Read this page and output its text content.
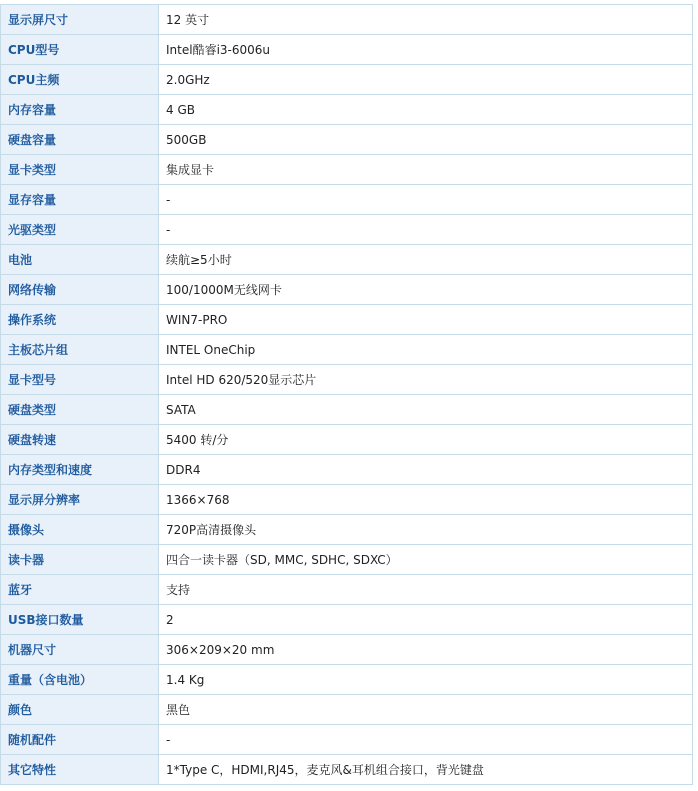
显示屏尺寸	12 英寸
CPU型号	Intel酷睿i3-6006u
CPU主频	2.0GHz
内存容量	4 GB
硬盘容量	500GB
显卡类型	集成显卡
显存容量	-
光驱类型	-
电池	续航≥5小时
网络传输	100/1000M无线网卡
操作系统	WIN7-PRO
主板芯片组	INTEL OneChip
显卡型号	Intel HD 620/520显示芯片
硬盘类型	SATA
硬盘转速	5400 转/分
内存类型和速度	DDR4
显示屏分辨率	1366×768
摄像头	720P高清摄像头
读卡器	四合一读卡器（SD, MMC, SDHC, SDXC）
蓝牙	支持
USB接口数量	2
机器尺寸	306×209×20 mm
重量（含电池）	1.4 Kg
颜色	黑色
随机配件	-
其它特性	1*Type C，HDMI,RJ45，麦克风&耳机组合接口，背光键盘
